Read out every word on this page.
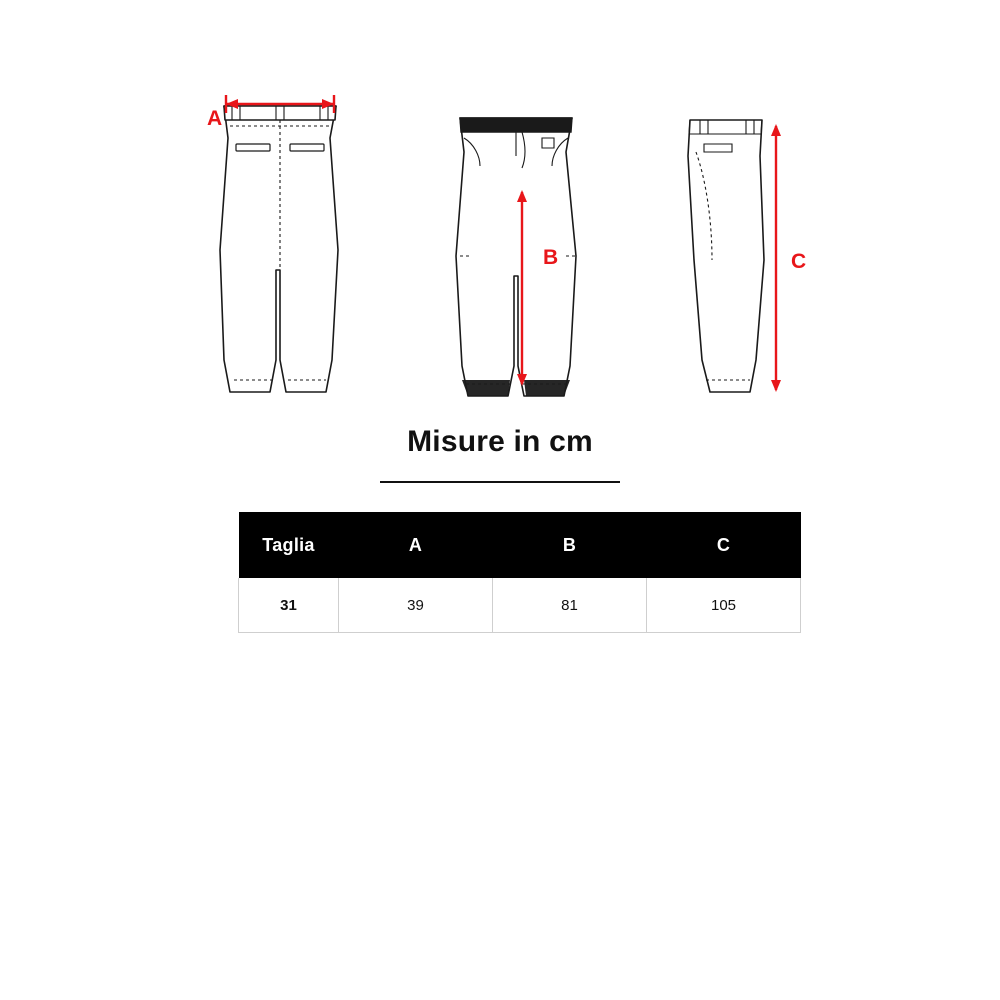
A
B	C
Misure in cm
Taglia	A	B	C
31	39	81	105
